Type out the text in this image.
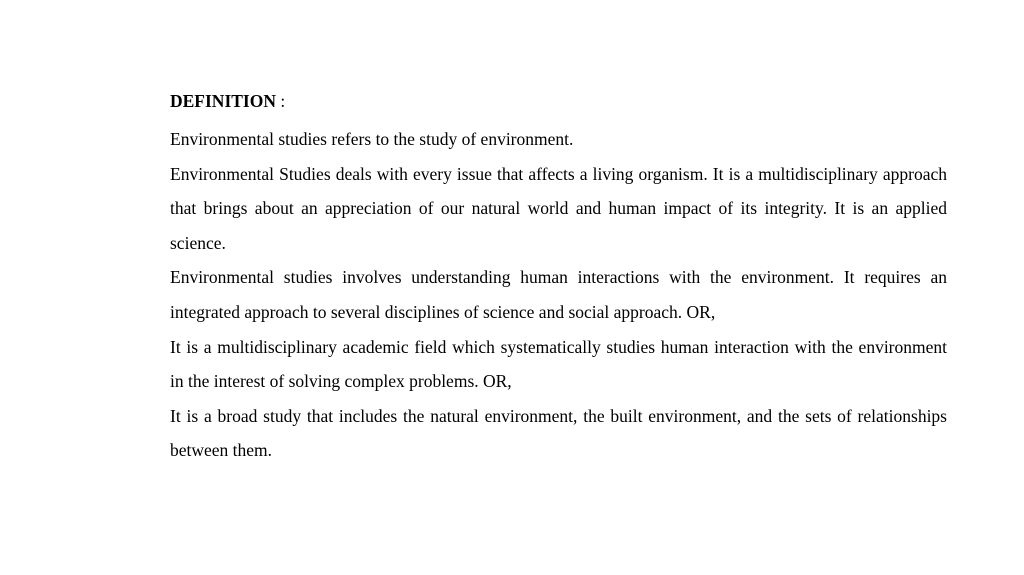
DEFINITION :

Environmental studies refers to the study of environment.

Environmental Studies deals with every issue that affects a living organism. It is a multidisciplinary approach that brings about an appreciation of our natural world and human impact of its integrity. It is an applied science.

Environmental studies involves understanding human interactions with the environment. It requires an integrated approach to several disciplines of science and social approach. OR,

It is a multidisciplinary academic field which systematically studies human interaction with the environment in the interest of solving complex problems. OR,

It is a broad study that includes the natural environment, the built environment, and the sets of relationships between them.
